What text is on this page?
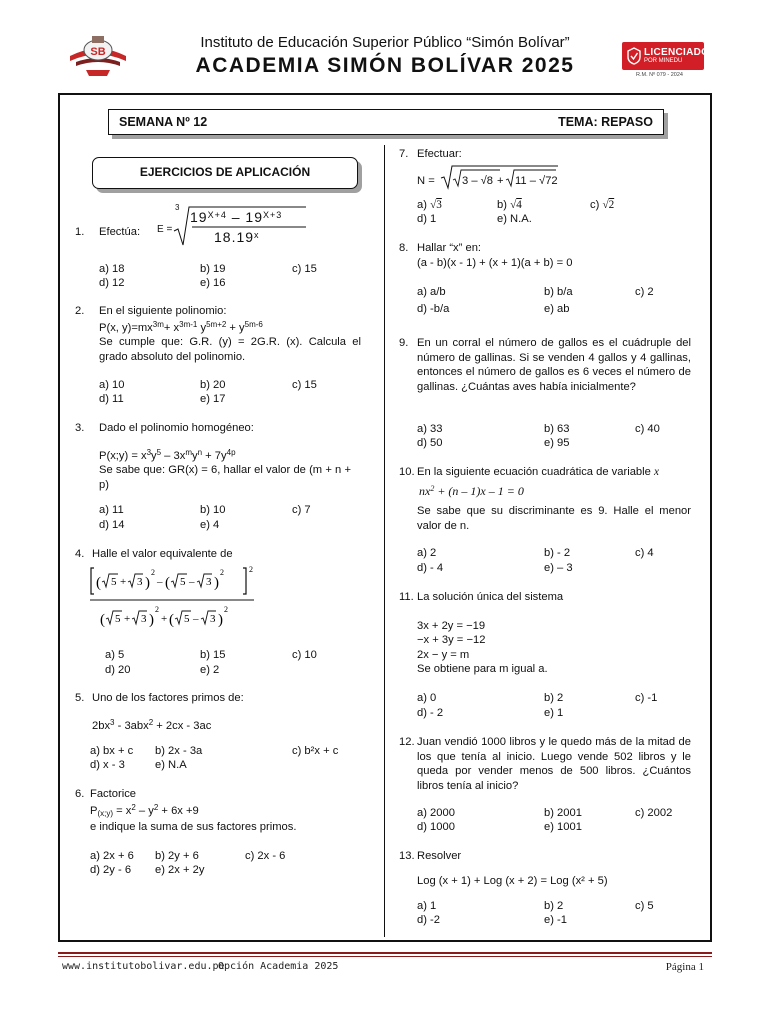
SB
Instituto de Educación Superior Público “Simón Bolívar”
ACADEMIA SIMÓN BOLÍVAR 2025
LICENCIADO
POR MINEDU
R.M. Nº 079 - 2024
SEMANA Nº 12	TEMA: REPASO
EJERCICIOS DE APLICACIÓN
1. Efectúa: E =
3
$19^{X+4} - 19^{X+3}$
18.19$^x$
a) 18	b) 19	c) 15
d) 12	e) 16
2. En el siguiente polinomio:
P(x, $y)=mx^{3m}+ x^{3m-1}$ $y^{5m+2} + y^{5m-6}$
Se cumple que: G.R. (y) = 2G.R. (x). Calcula el grado absoluto del polinomio.
a) 10	b) 20	c) 15
d) 11	e) 17
3. Dado el polinomio homogéneo:
P(x;y) = $x^3y^5 - 3x^my^n + 7y^{4p}$
Se sabe que: GR(x) = 6, hallar el valor de (m + n + p)
a) 11	b) 10	c) 7
d) 14	e) 4
4. Halle el valor equivalente de
2
( 5 + 3 )
2
– ( 5 – 3 )
2
( 5 + 3 )
2
+ ( 5 – 3 )
2
a) 5	b) 15	c) 10
d) 20	e) 2
5. Uno de los factores primos de:
$2bx^3 - 3abx^2 + 2cx - 3ac$
a) bx + c b) 2x - 3a	c) b²x + c
d) x - 3	e) N.A
6. Factorice
$P_{(x;y)} = x^2 - y^2 + 6x +9$
e indique la suma de sus factores primos.
a) 2x + 6 b) 2y + 6	c) 2x - 6
d) 2y - 6 e) 2x + 2y
7. Efectuar:
N = 3 – √8 + 11 – √72
a) √3	b) √4	c) √2
d) 1	e) N.A.
8. Hallar “x” en:
(a - b)(x - 1) + (x + 1)(a + b) = 0
a) a/b	b) b/a	c) 2
d) -b/a	e) ab
9. En un corral el número de gallos es el cuádruple del número de gallinas. Si se venden 4 gallos y 4 gallinas, entonces el número de gallos es 6 veces el número de gallinas. ¿Cuántas aves había inicialmente?
a) 33	b) 63	c) 40
d) 50	e) 95
10. En la siguiente ecuación cuadrática de variable x
$nx^2 + (n - 1)x - 1 = 0$
Se sabe que su discriminante es 9. Halle el menor valor de n.
a) 2	b) - 2	c) 4
d) - 4	e) – 3
11. La solución única del sistema
3x + 2y = −19
−x + 3y = −12
2x − y = m
Se obtiene para m igual a.
a) 0	b) 2	c) -1
d) - 2	e) 1
12. Juan vendió 1000 libros y le quedo más de la mitad de los que tenía al inicio. Luego vende 502 libros y le queda por vender menos de 500 libros. ¿Cuántos libros tenía al inicio?
a) 2000	b) 2001	c) 2002
d) 1000	e) 1001
13. Resolver
Log (x + 1) + Log (x + 2) = Log (x² + 5)
a) 1	b) 2	c) 5
d) -2	e) -1
www.institutobolivar.edu.pe
Opción Academia 2025	Página 1
